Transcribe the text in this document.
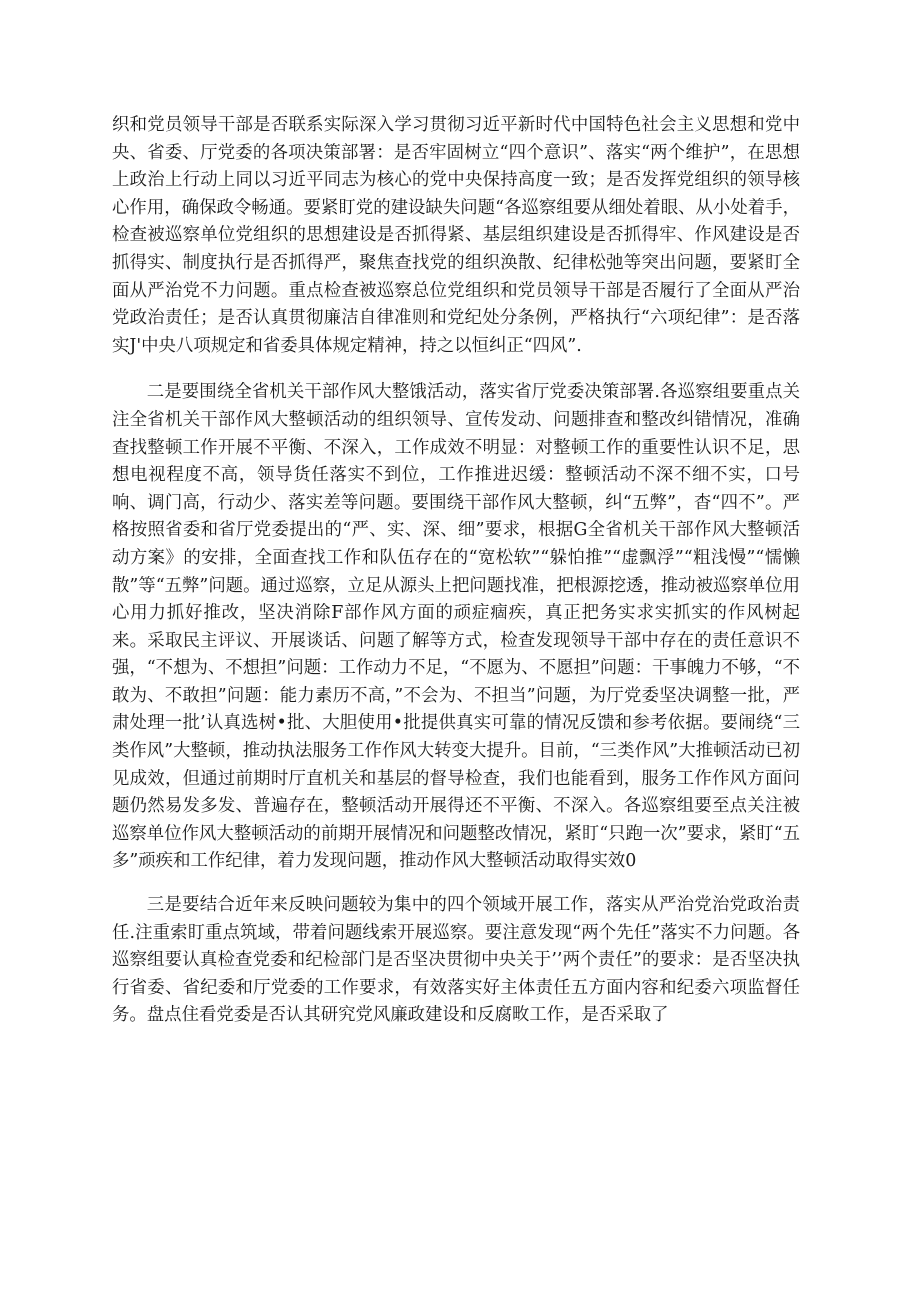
织和党员领导干部是否联系实际深入学习贯彻习近平新时代中国特色社会主义思想和党中央、省委、厅党委的各项决策部署：是否牢固树立“四个意识”、落实“两个维护”，在思想上政治上行动上同以习近平同志为核心的党中央保持高度一致；是否发挥党组织的领导核心作用，确保政令畅通。要紧盯党的建设缺失问题“各巡察组要从细处着眼、从小处着手，检查被巡察单位党组织的思想建设是否抓得紧、基层组织建设是否抓得牢、作风建设是否抓得实、制度执行是否抓得严，聚焦查找党的组织涣散、纪律松弛等突出问题，要紧盯全面从严治党不力问题。重点检查被巡察总位党组织和党员领导干部是否履行了全面从严治党政治责任；是否认真贯彻廉洁自律准则和党纪处分条例，严格执行“六项纪律”：是否落实J'中央八项规定和省委具体规定精神，持之以恒纠正“四风”.

二是要围绕全省机关干部作风大整饿活动，落实省厅党委决策部署.各巡察组要重点关注全省机关干部作风大整顿活动的组织领导、宣传发动、问题排查和整改纠错情况，准确查找整顿工作开展不平衡、不深入，工作成效不明显：对整顿工作的重要性认识不足，思想电视程度不高，领导货任落实不到位，工作推进迟缓：整顿活动不深不细不实，口号响、调门高，行动少、落实差等问题。要围绕干部作风大整顿，纠“五弊”，杳“四不”。严格按照省委和省厅党委提出的“严、实、深、细”要求，根据G全省机关干部作风大整顿活动方案》的安排，全面查找工作和队伍存在的“宽松软”“躲怕推”“虚飘浮”“粗浅慢”“懦懒散”等“五弊”问题。通过巡察，立足从源头上把问题找准，把根源挖透，推动被巡察单位用心用力抓好推改，坚决消除F部作风方面的顽症痼疾，真正把务实求实抓实的作风树起来。采取民主评议、开展谈话、问题了解等方式，检查发现领导干部中存在的责任意识不强，“不想为、不想担”问题：工作动力不足，“不愿为、不愿担”问题：干事魄力不够，“不敢为、不敢担”问题：能力素历不高，”不会为、不担当”问题，为厅党委坚决调整一批，严肃处理一批’认真选树•批、大胆使用•批提供真实可靠的情况反馈和参考依据。要闹绕“三类作风”大整顿，推动执法服务工作作风大转变大提升。目前，“三类作风”大推顿活动已初见成效，但通过前期时厅直机关和基层的督导检查，我们也能看到，服务工作作风方面问题仍然易发多发、普遍存在，整顿活动开展得还不平衡、不深入。各巡察组要至点关注被巡察单位作风大整顿活动的前期开展情况和问题整改情况，紧盯“只跑一次”要求，紧盯“五多”顽疾和工作纪律，着力发现问题，推动作风大整顿活动取得实效0

三是要结合近年来反映问题较为集中的四个领域开展工作，落实从严治党治党政治责任.注重索盯重点筑域，带着问题线索开展巡察。要注意发现“两个先任”落实不力问题。各巡察组要认真检查党委和纪检部门是否坚决贯彻中央关于’’两个责任”的要求：是否坚决执行省委、省纪委和厅党委的工作要求，有效落实好主体责任五方面内容和纪委六项监督任务。盘点住看党委是否认其研究党风廉政建设和反腐畋工作，是否采取了
